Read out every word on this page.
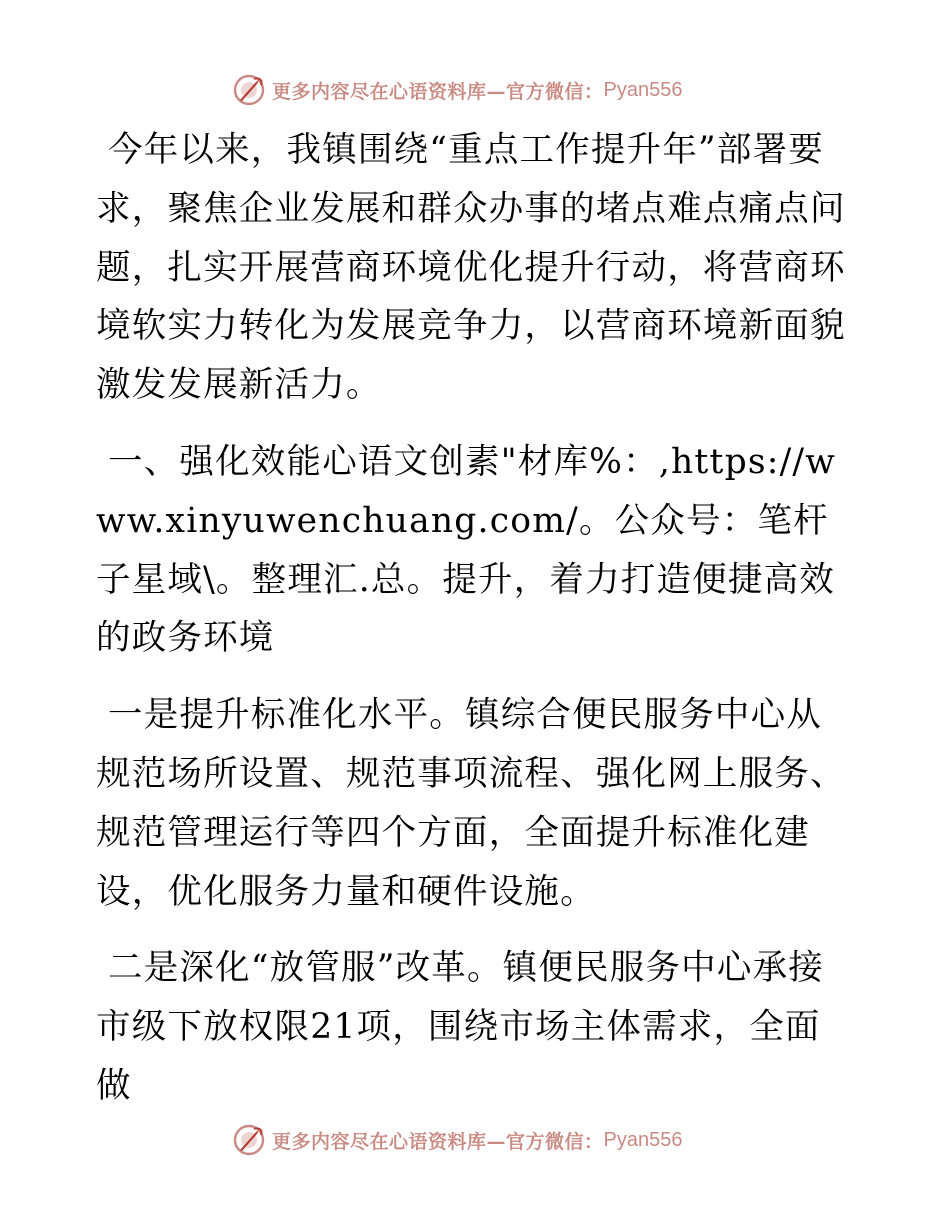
更多内容尽在心语资料库—官方微信： Pyan556

今年以来，我镇围绕“重点工作提升年”部署要求，聚焦企业发展和群众办事的堵点难点痛点问题，扎实开展营商环境优化提升行动，将营商环境软实力转化为发展竞争力，以营商环境新面貌激发发展新活力。

一、强化效能心语文创素"材库%：,https://www.xinyuwenchuang.com/。公众号：笔杆子星域\。整理汇.总。提升，着力打造便捷高效的政务环境

一是提升标准化水平。镇综合便民服务中心从规范场所设置、规范事项流程、强化网上服务、规范管理运行等四个方面，全面提升标准化建设，优化服务力量和硬件设施。

二是深化“放管服”改革。镇便民服务中心承接市级下放权限21项，围绕市场主体需求，全面做

更多内容尽在心语资料库—官方微信： Pyan556
